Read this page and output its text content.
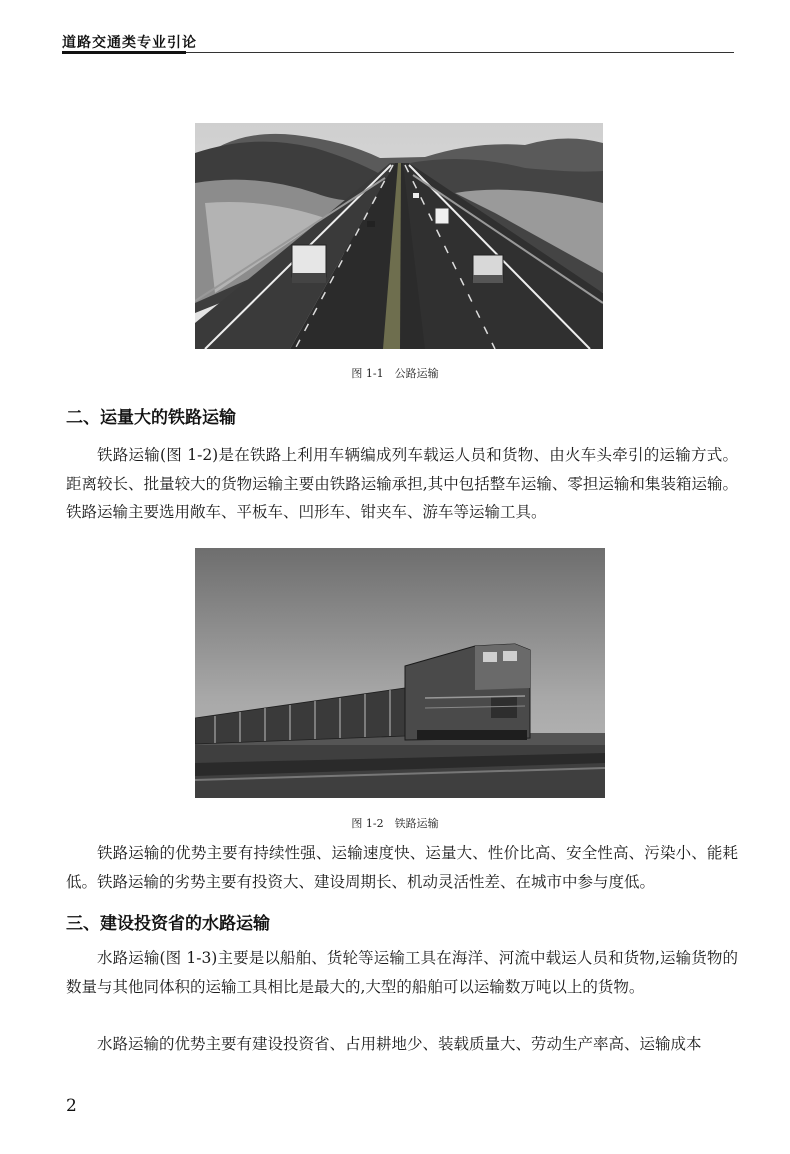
道路交通类专业引论
图 1-1　公路运输
二、运量大的铁路运输

铁路运输(图 1-2)是在铁路上利用车辆编成列车载运人员和货物、由火车头牵引的运输方式。距离较长、批量较大的货物运输主要由铁路运输承担,其中包括整车运输、零担运输和集装箱运输。铁路运输主要选用敞车、平板车、凹形车、钳夹车、游车等运输工具。

图 1-2　铁路运输

铁路运输的优势主要有持续性强、运输速度快、运量大、性价比高、安全性高、污染小、能耗低。铁路运输的劣势主要有投资大、建设周期长、机动灵活性差、在城市中参与度低。

三、建设投资省的水路运输

水路运输(图 1-3)主要是以船舶、货轮等运输工具在海洋、河流中载运人员和货物,运输货物的数量与其他同体积的运输工具相比是最大的,大型的船舶可以运输数万吨以上的货物。

水路运输的优势主要有建设投资省、占用耕地少、装载质量大、劳动生产率高、运输成本

2
